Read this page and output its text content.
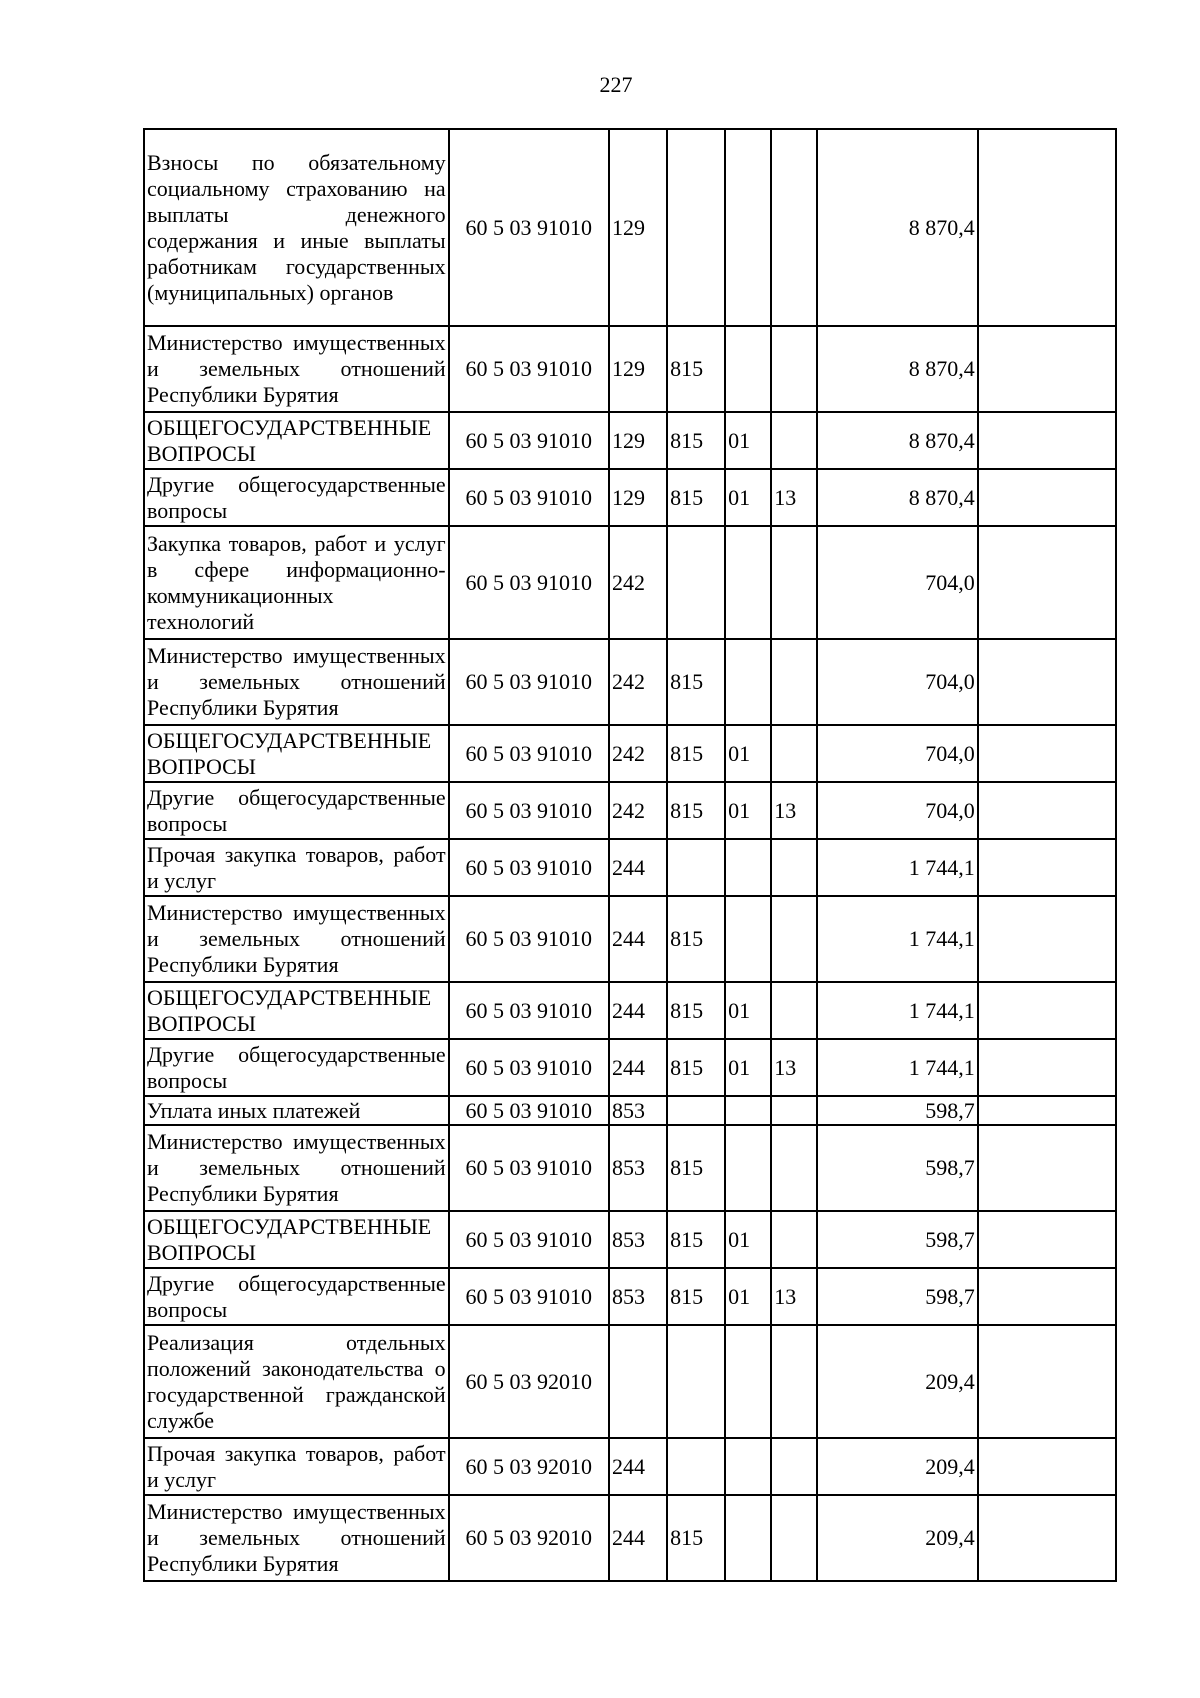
227
Взносы по обязательному социальному страхованию на выплаты денежного содержания и иные выплаты работникам государственных (муниципальных) органов	60 5 03 91010	129				8 870,4	
Министерство имущественных и земельных отношений Республики Бурятия	60 5 03 91010	129	815			8 870,4	
ОБЩЕГОСУДАРСТВЕННЫЕ ВОПРОСЫ	60 5 03 91010	129	815	01		8 870,4	
Другие общегосударственные вопросы	60 5 03 91010	129	815	01	13	8 870,4	
Закупка товаров, работ и услуг в сфере информационно-коммуникационных технологий	60 5 03 91010	242				704,0	
Министерство имущественных и земельных отношений Республики Бурятия	60 5 03 91010	242	815			704,0	
ОБЩЕГОСУДАРСТВЕННЫЕ ВОПРОСЫ	60 5 03 91010	242	815	01		704,0	
Другие общегосударственные вопросы	60 5 03 91010	242	815	01	13	704,0	
Прочая закупка товаров, работ и услуг	60 5 03 91010	244				1 744,1	
Министерство имущественных и земельных отношений Республики Бурятия	60 5 03 91010	244	815			1 744,1	
ОБЩЕГОСУДАРСТВЕННЫЕ ВОПРОСЫ	60 5 03 91010	244	815	01		1 744,1	
Другие общегосударственные вопросы	60 5 03 91010	244	815	01	13	1 744,1	
Уплата иных платежей	60 5 03 91010	853				598,7	
Министерство имущественных и земельных отношений Республики Бурятия	60 5 03 91010	853	815			598,7	
ОБЩЕГОСУДАРСТВЕННЫЕ ВОПРОСЫ	60 5 03 91010	853	815	01		598,7	
Другие общегосударственные вопросы	60 5 03 91010	853	815	01	13	598,7	
Реализация отдельных положений законодательства о государственной гражданской службе	60 5 03 92010					209,4	
Прочая закупка товаров, работ и услуг	60 5 03 92010	244				209,4	
Министерство имущественных и земельных отношений Республики Бурятия	60 5 03 92010	244	815			209,4	
